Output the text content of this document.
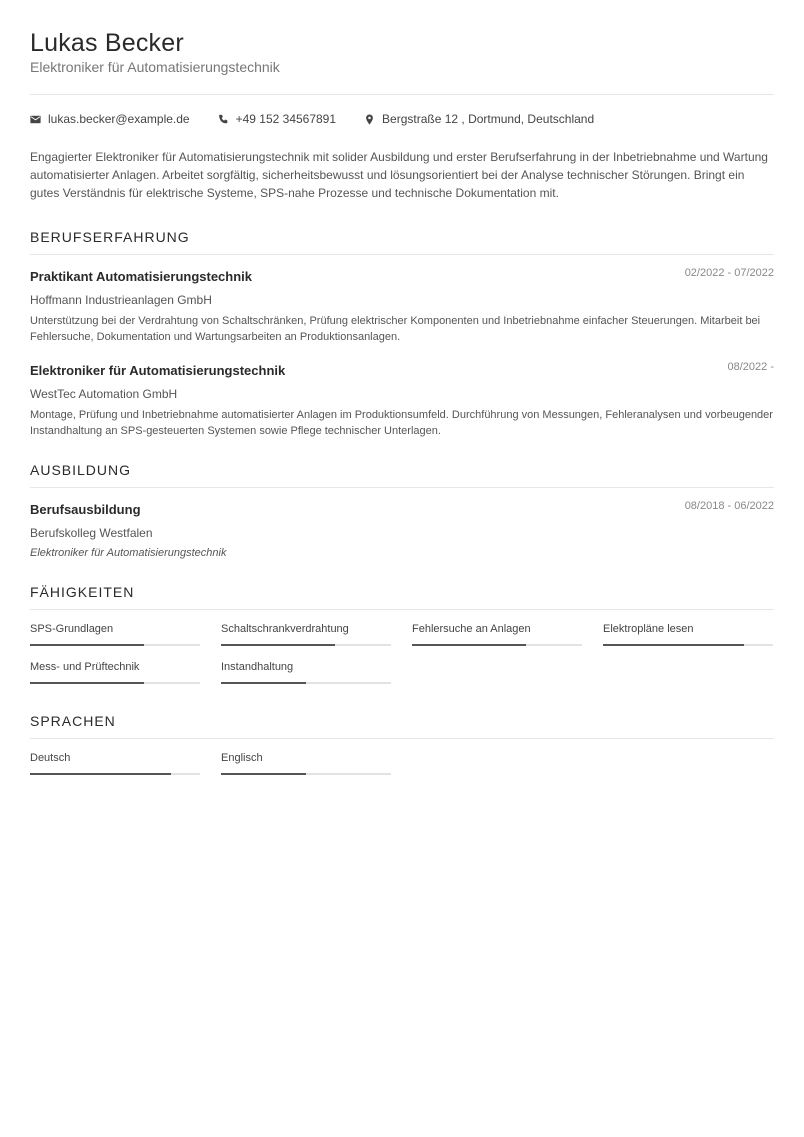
Lukas Becker
Elektroniker für Automatisierungstechnik
lukas.becker@example.de	+49 152 34567891	Bergstraße 12 , Dortmund, Deutschland
Engagierter Elektroniker für Automatisierungstechnik mit solider Ausbildung und erster Berufserfahrung in der Inbetriebnahme und Wartung automatisierter Anlagen. Arbeitet sorgfältig, sicherheitsbewusst und lösungsorientiert bei der Analyse technischer Störungen. Bringt ein gutes Verständnis für elektrische Systeme, SPS-nahe Prozesse und technische Dokumentation mit.
BERUFSERFAHRUNG
Praktikant Automatisierungstechnik	02/2022 - 07/2022
Hoffmann Industrieanlagen GmbH
Unterstützung bei der Verdrahtung von Schaltschränken, Prüfung elektrischer Komponenten und Inbetriebnahme einfacher Steuerungen. Mitarbeit bei Fehlersuche, Dokumentation und Wartungsarbeiten an Produktionsanlagen.
Elektroniker für Automatisierungstechnik	08/2022 -
WestTec Automation GmbH
Montage, Prüfung und Inbetriebnahme automatisierter Anlagen im Produktionsumfeld. Durchführung von Messungen, Fehleranalysen und vorbeugender Instandhaltung an SPS-gesteuerten Systemen sowie Pflege technischer Unterlagen.
AUSBILDUNG
Berufsausbildung	08/2018 - 06/2022
Berufskolleg Westfalen
Elektroniker für Automatisierungstechnik
FÄHIGKEITEN
SPS-Grundlagen	Schaltschrankverdrahtung	Fehlersuche an Anlagen	Elektropläne lesen
Mess- und Prüftechnik	Instandhaltung
SPRACHEN
Deutsch	Englisch
